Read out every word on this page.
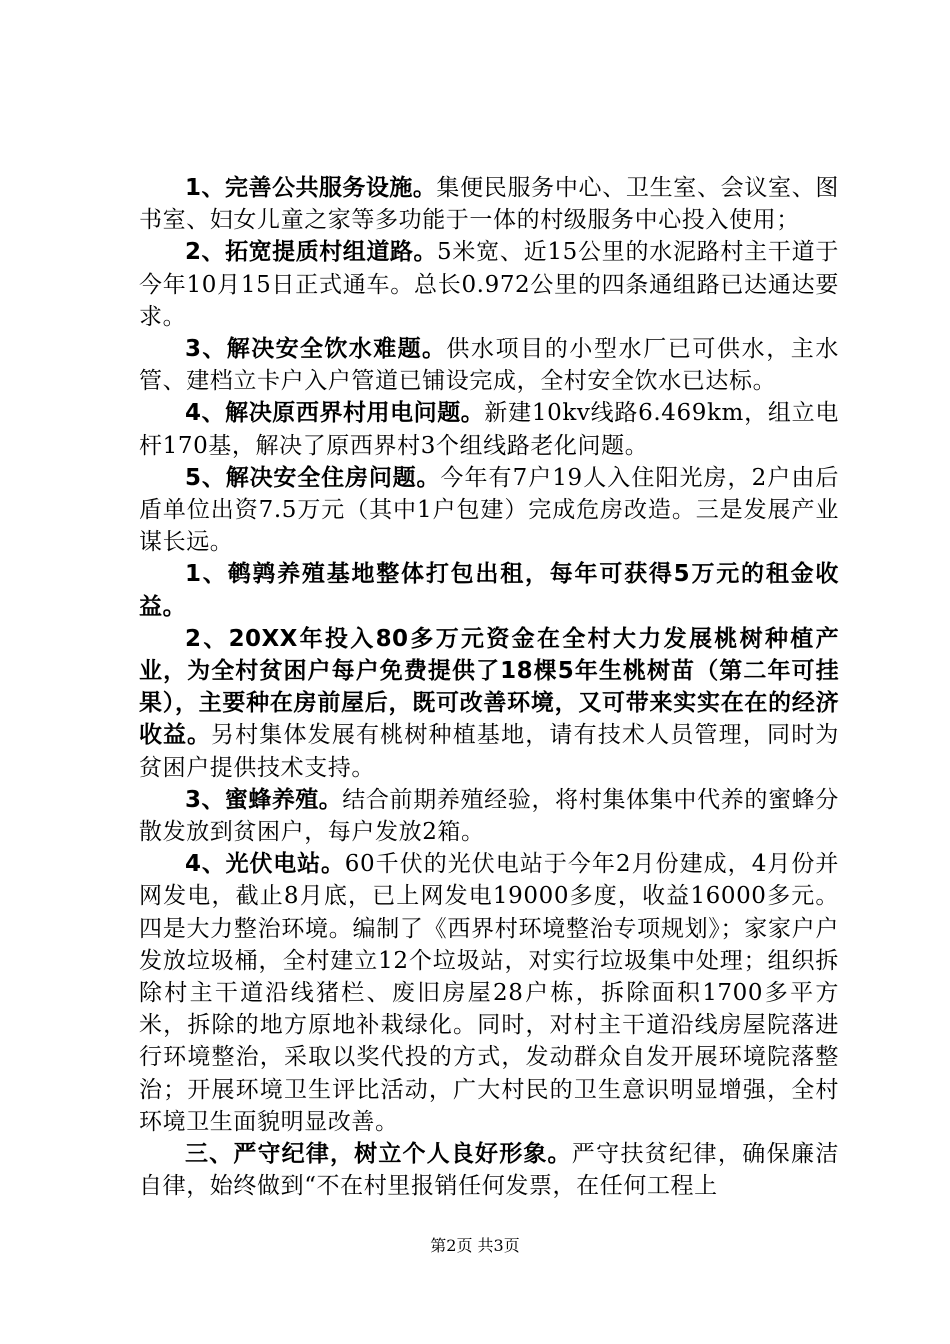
1、完善公共服务设施。集便民服务中心、卫生室、会议室、图书室、妇女儿童之家等多功能于一体的村级服务中心投入使用；

2、拓宽提质村组道路。5米宽、近15公里的水泥路村主干道于今年10月15日正式通车。总长0.972公里的四条通组路已达通达要求。

3、解决安全饮水难题。供水项目的小型水厂已可供水，主水管、建档立卡户入户管道已铺设完成，全村安全饮水已达标。

4、解决原西界村用电问题。新建10kv线路6.469km，组立电杆170基，解决了原西界村3个组线路老化问题。

5、解决安全住房问题。今年有7户19人入住阳光房，2户由后盾单位出资7.5万元（其中1户包建）完成危房改造。三是发展产业谋长远。

1、鹌鹑养殖基地整体打包出租，每年可获得5万元的租金收益。

2、20XX年投入80多万元资金在全村大力发展桃树种植产业，为全村贫困户每户免费提供了18棵5年生桃树苗（第二年可挂果），主要种在房前屋后，既可改善环境，又可带来实实在在的经济收益。另村集体发展有桃树种植基地，请有技术人员管理，同时为贫困户提供技术支持。

3、蜜蜂养殖。结合前期养殖经验，将村集体集中代养的蜜蜂分散发放到贫困户，每户发放2箱。

4、光伏电站。60千伏的光伏电站于今年2月份建成，4月份并网发电，截止8月底，已上网发电19000多度，收益16000多元。四是大力整治环境。编制了《西界村环境整治专项规划》；家家户户发放垃圾桶，全村建立12个垃圾站，对实行垃圾集中处理；组织拆除村主干道沿线猪栏、废旧房屋28户栋，拆除面积1700多平方米，拆除的地方原地补栽绿化。同时，对村主干道沿线房屋院落进行环境整治，采取以奖代投的方式，发动群众自发开展环境院落整治；开展环境卫生评比活动，广大村民的卫生意识明显增强，全村环境卫生面貌明显改善。

三、严守纪律，树立个人良好形象。严守扶贫纪律，确保廉洁自律，始终做到“不在村里报销任何发票，在任何工程上

第2页 共3页
